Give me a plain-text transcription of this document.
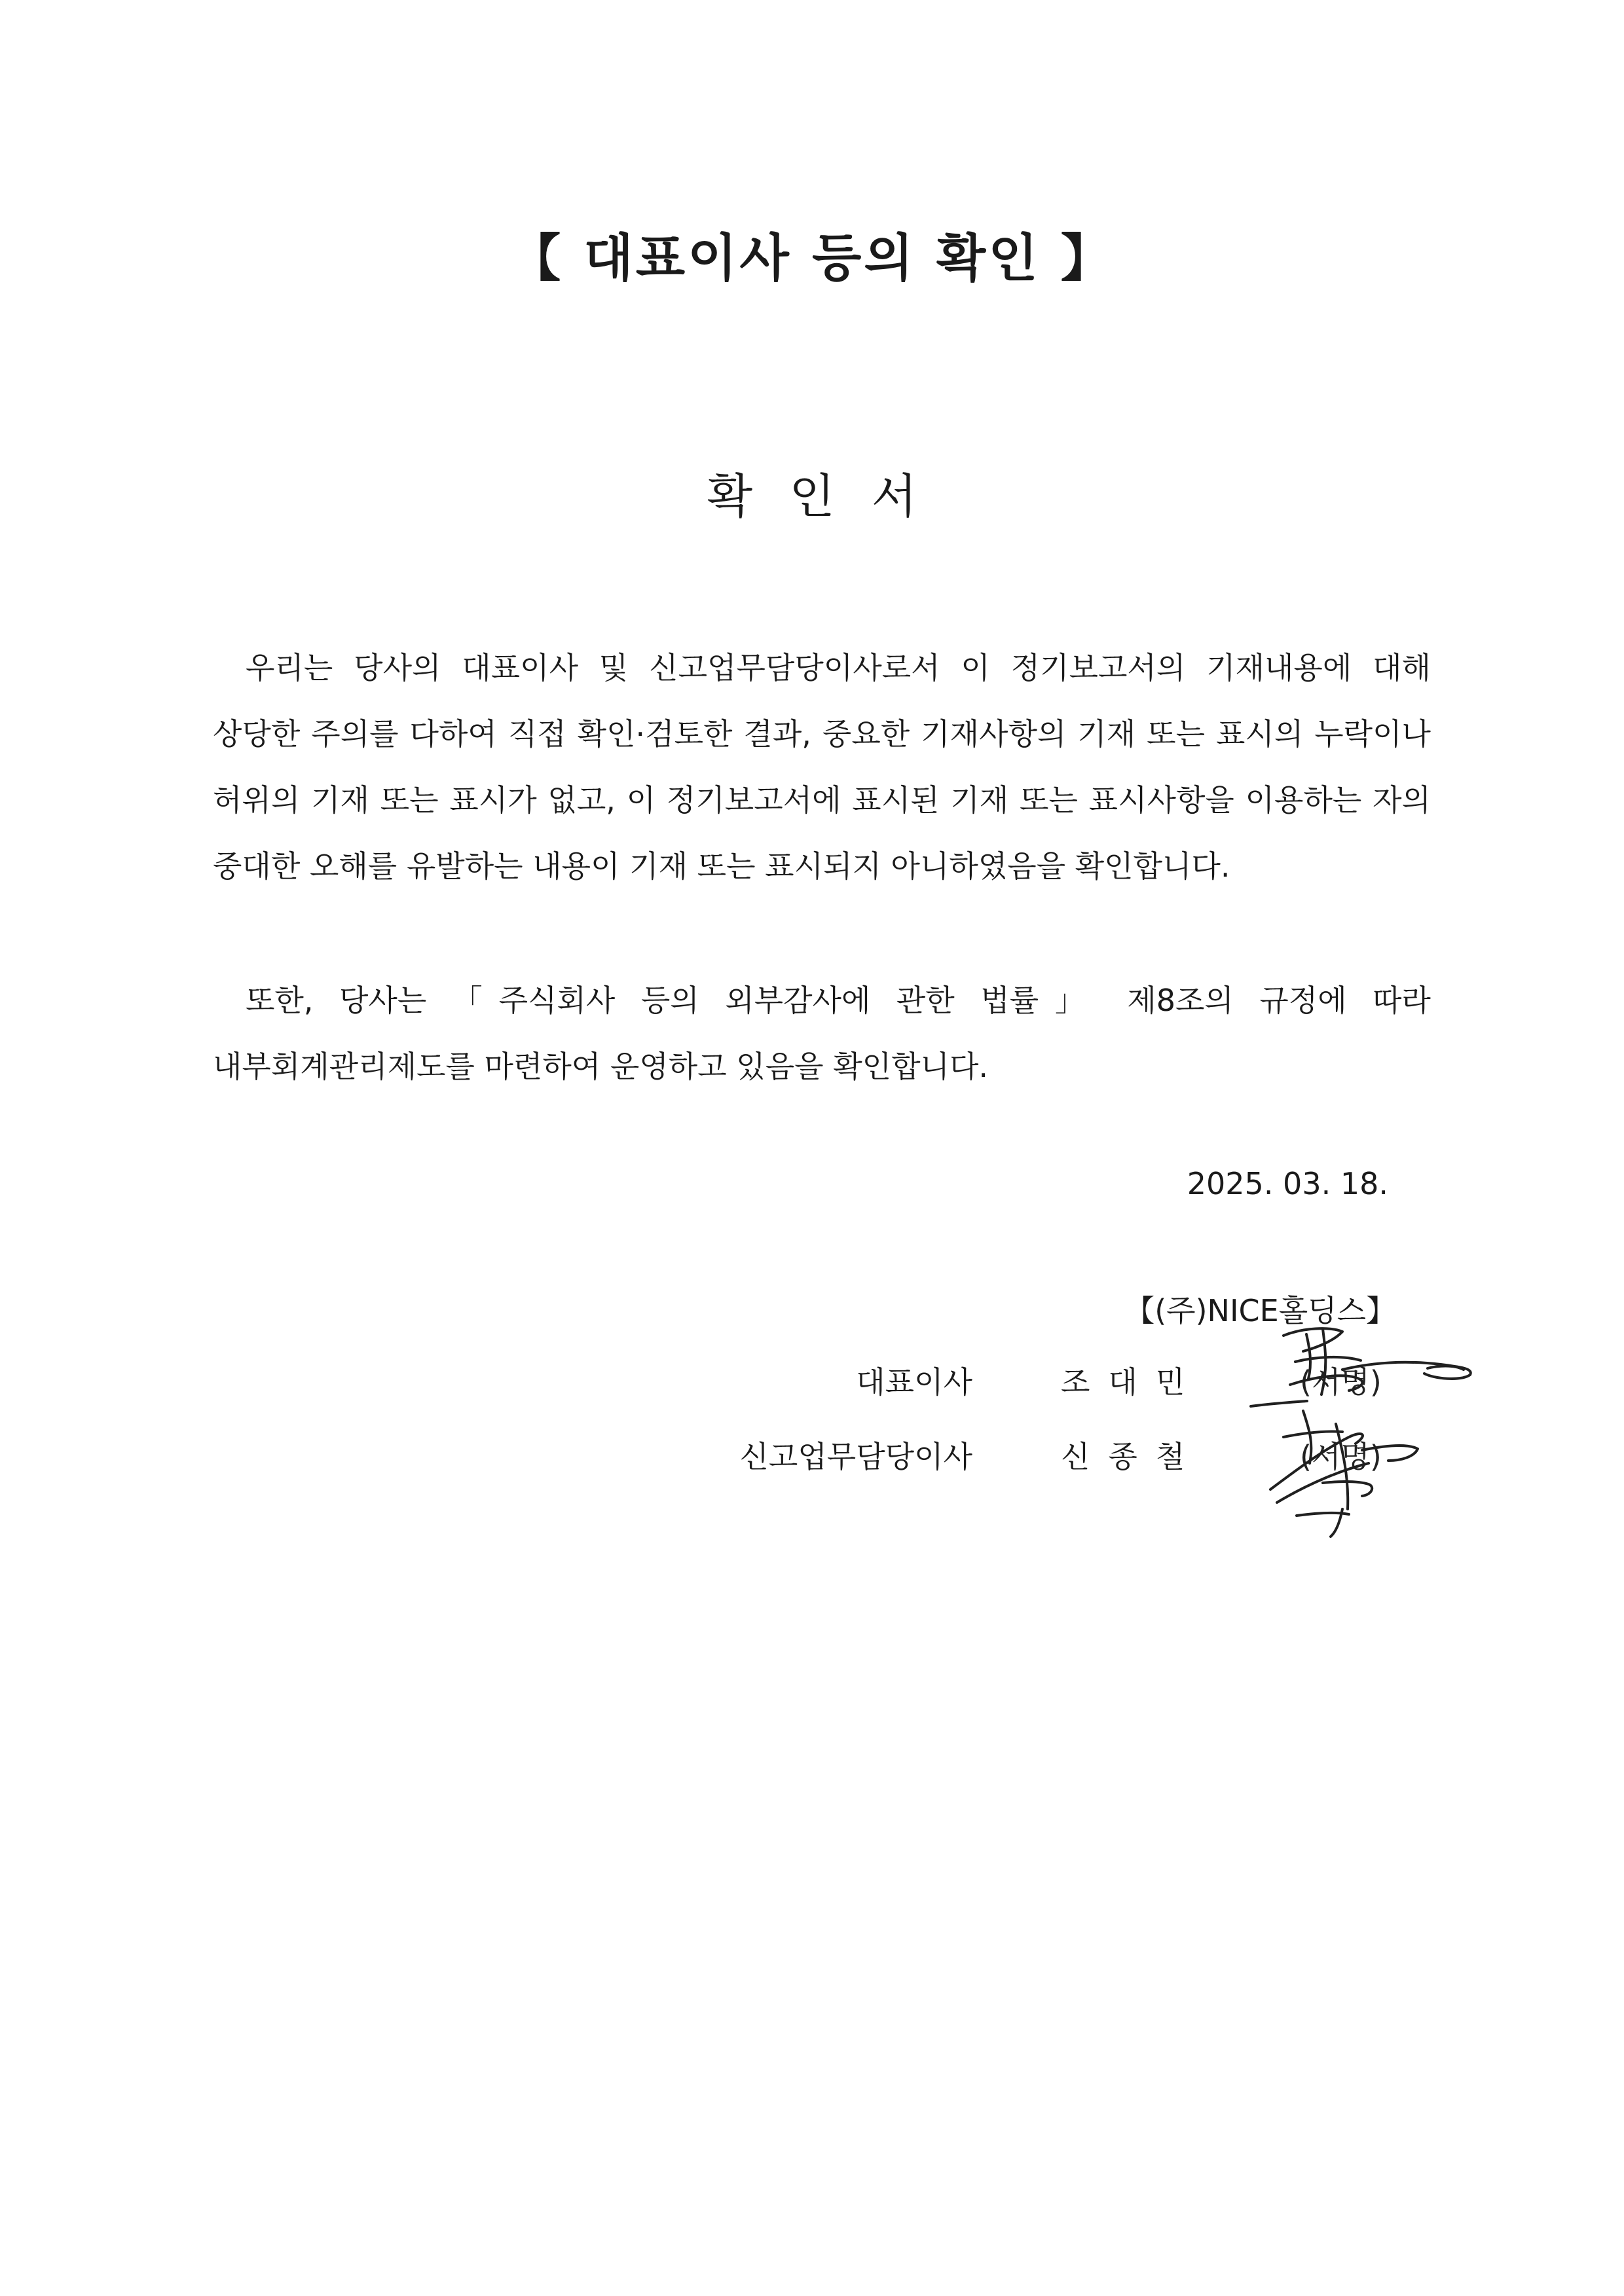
【 대표이사 등의 확인 】
확인서

우리는 당사의 대표이사 및 신고업무담당이사로서 이 정기보고서의 기재내용에 대해 상당한 주의를 다하여 직접 확인·검토한 결과, 중요한 기재사항의 기재 또는 표시의 누락이나 허위의 기재 또는 표시가 없고, 이 정기보고서에 표시된 기재 또는 표시사항을 이용하는 자의 중대한 오해를 유발하는 내용이 기재 또는 표시되지 아니하였음을 확인합니다.

또한, 당사는 「주식회사 등의 외부감사에 관한 법률」 제8조의 규정에 따라 내부회계관리제도를 마련하여 운영하고 있음을 확인합니다.

2025. 03. 18.
【(주)NICE홀딩스】
대표이사	조대민	(서명)
신고업무담당이사	신종철	(서명)
